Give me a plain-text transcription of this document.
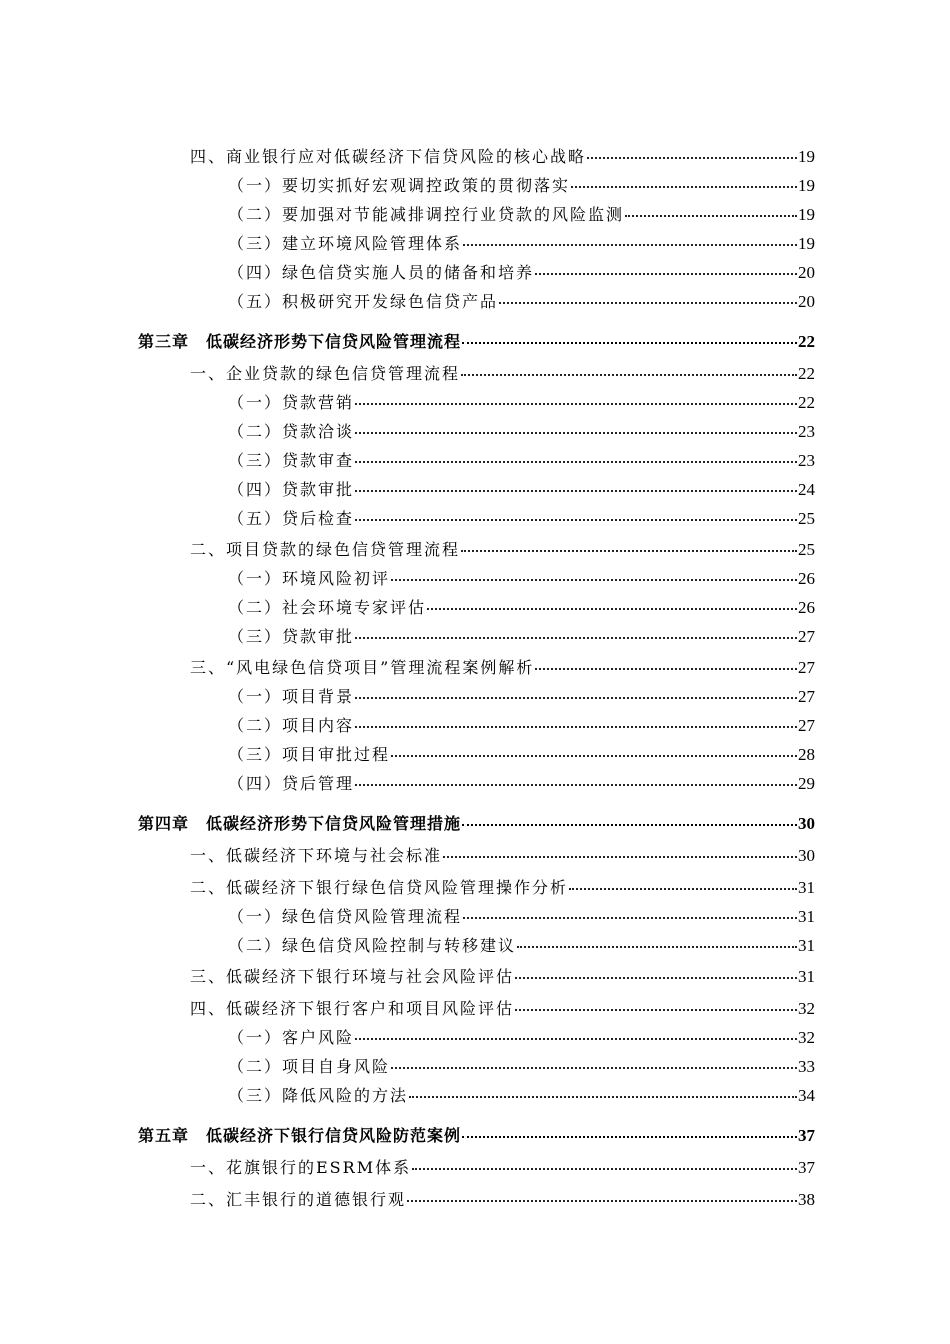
四、商业银行应对低碳经济下信贷风险的核心战略	19
（一）要切实抓好宏观调控政策的贯彻落实	19
（二）要加强对节能减排调控行业贷款的风险监测	19
（三）建立环境风险管理体系	19
（四）绿色信贷实施人员的储备和培养	20
（五）积极研究开发绿色信贷产品	20
第三章　低碳经济形势下信贷风险管理流程	22
一、企业贷款的绿色信贷管理流程	22
（一）贷款营销	22
（二）贷款洽谈	23
（三）贷款审查	23
（四）贷款审批	24
（五）贷后检查	25
二、项目贷款的绿色信贷管理流程	25
（一）环境风险初评	26
（二）社会环境专家评估	26
（三）贷款审批	27
三、“风电绿色信贷项目”管理流程案例解析	27
（一）项目背景	27
（二）项目内容	27
（三）项目审批过程	28
（四）贷后管理	29
第四章　低碳经济形势下信贷风险管理措施	30
一、低碳经济下环境与社会标准	30
二、低碳经济下银行绿色信贷风险管理操作分析	31
（一）绿色信贷风险管理流程	31
（二）绿色信贷风险控制与转移建议	31
三、低碳经济下银行环境与社会风险评估	31
四、低碳经济下银行客户和项目风险评估	32
（一）客户风险	32
（二）项目自身风险	33
（三）降低风险的方法	34
第五章　低碳经济下银行信贷风险防范案例	37
一、花旗银行的ESRM体系	37
二、汇丰银行的道德银行观	38
